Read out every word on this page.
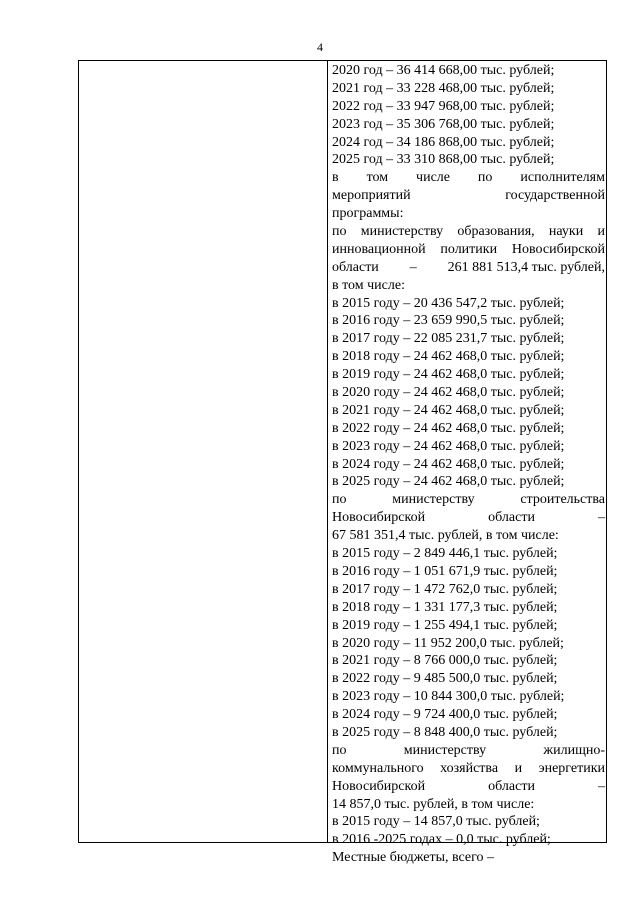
4
2020 год – 36 414 668,00 тыс. рублей;
2021 год – 33 228 468,00 тыс. рублей;
2022 год – 33 947 968,00 тыс. рублей;
2023 год – 35 306 768,00 тыс. рублей;
2024 год – 34 186 868,00 тыс. рублей;
2025 год – 33 310 868,00 тыс. рублей;
в том числе по исполнителям
мероприятий	государственной
программы:
по министерству образования, науки и
инновационной политики Новосибирской
области – 261 881 513,4 тыс. рублей,
в том числе:
в 2015 году – 20 436 547,2 тыс. рублей;
в 2016 году – 23 659 990,5 тыс. рублей;
в 2017 году – 22 085 231,7 тыс. рублей;
в 2018 году – 24 462 468,0 тыс. рублей;
в 2019 году – 24 462 468,0 тыс. рублей;
в 2020 году – 24 462 468,0 тыс. рублей;
в 2021 году – 24 462 468,0 тыс. рублей;
в 2022 году – 24 462 468,0 тыс. рублей;
в 2023 году – 24 462 468,0 тыс. рублей;
в 2024 году – 24 462 468,0 тыс. рублей;
в 2025 году – 24 462 468,0 тыс. рублей;
по	министерству	строительства
Новосибирской	области	–
67 581 351,4 тыс. рублей, в том числе:
в 2015 году – 2 849 446,1 тыс. рублей;
в 2016 году – 1 051 671,9 тыс. рублей;
в 2017 году – 1 472 762,0 тыс. рублей;
в 2018 году – 1 331 177,3 тыс. рублей;
в 2019 году – 1 255 494,1 тыс. рублей;
в 2020 году – 11 952 200,0 тыс. рублей;
в 2021 году – 8 766 000,0 тыс. рублей;
в 2022 году – 9 485 500,0 тыс. рублей;
в 2023 году – 10 844 300,0 тыс. рублей;
в 2024 году – 9 724 400,0 тыс. рублей;
в 2025 году – 8 848 400,0 тыс. рублей;
по	министерству	жилищно-
коммунального хозяйства и энергетики
Новосибирской	области	–
14 857,0 тыс. рублей, в том числе:
в 2015 году – 14 857,0 тыс. рублей;
в 2016 -2025 годах – 0,0 тыс. рублей;
Местные бюджеты, всего –
